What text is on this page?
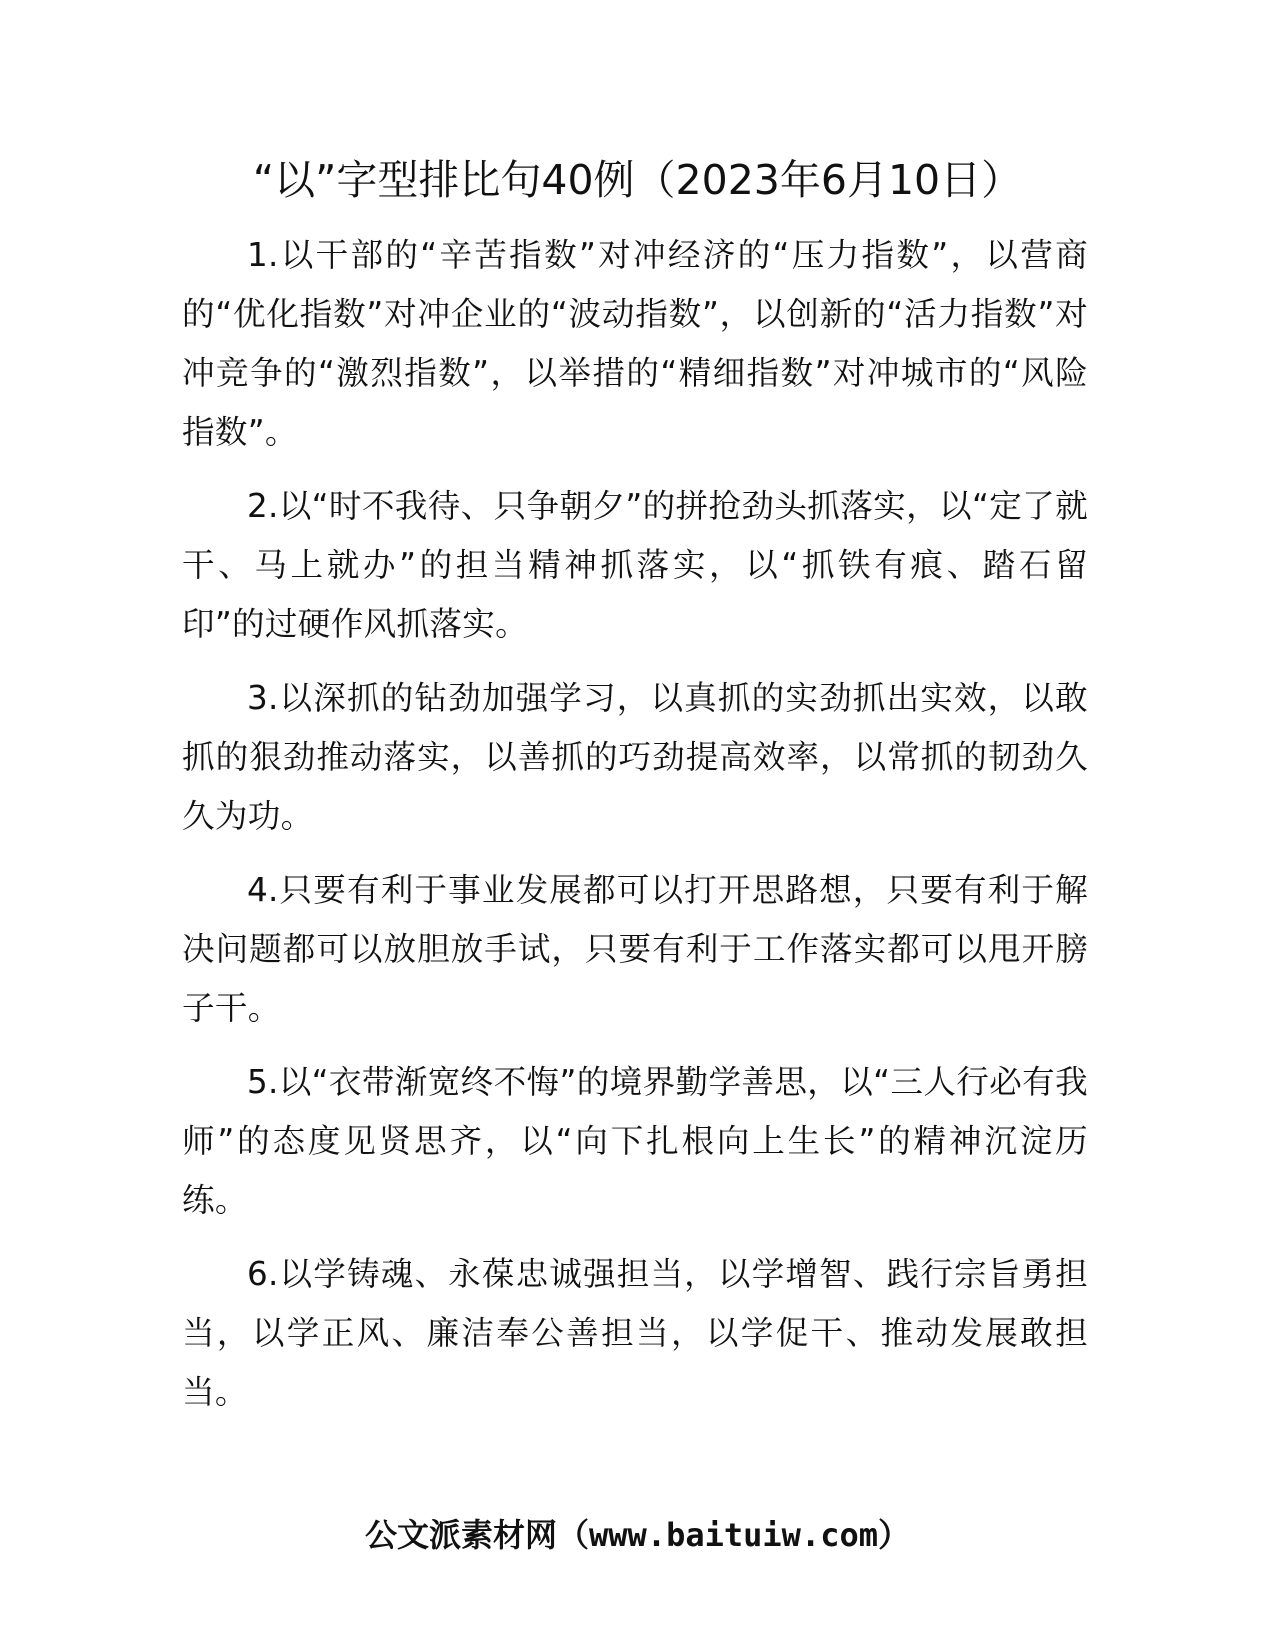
“以”字型排比句40例（2023年6月10日）

1.以干部的“辛苦指数”对冲经济的“压力指数”，以营商的“优化指数”对冲企业的“波动指数”，以创新的“活力指数”对冲竞争的“激烈指数”，以举措的“精细指数”对冲城市的“风险指数”。

2.以“时不我待、只争朝夕”的拼抢劲头抓落实，以“定了就干、马上就办”的担当精神抓落实，以“抓铁有痕、踏石留印”的过硬作风抓落实。

3.以深抓的钻劲加强学习，以真抓的实劲抓出实效，以敢抓的狠劲推动落实，以善抓的巧劲提高效率，以常抓的韧劲久久为功。

4.只要有利于事业发展都可以打开思路想，只要有利于解决问题都可以放胆放手试，只要有利于工作落实都可以甩开膀子干。

5.以“衣带渐宽终不悔”的境界勤学善思，以“三人行必有我师”的态度见贤思齐，以“向下扎根向上生长”的精神沉淀历练。

6.以学铸魂、永葆忠诚强担当，以学增智、践行宗旨勇担当，以学正风、廉洁奉公善担当，以学促干、推动发展敢担当。

公文派素材网（www.baituiw.com）
